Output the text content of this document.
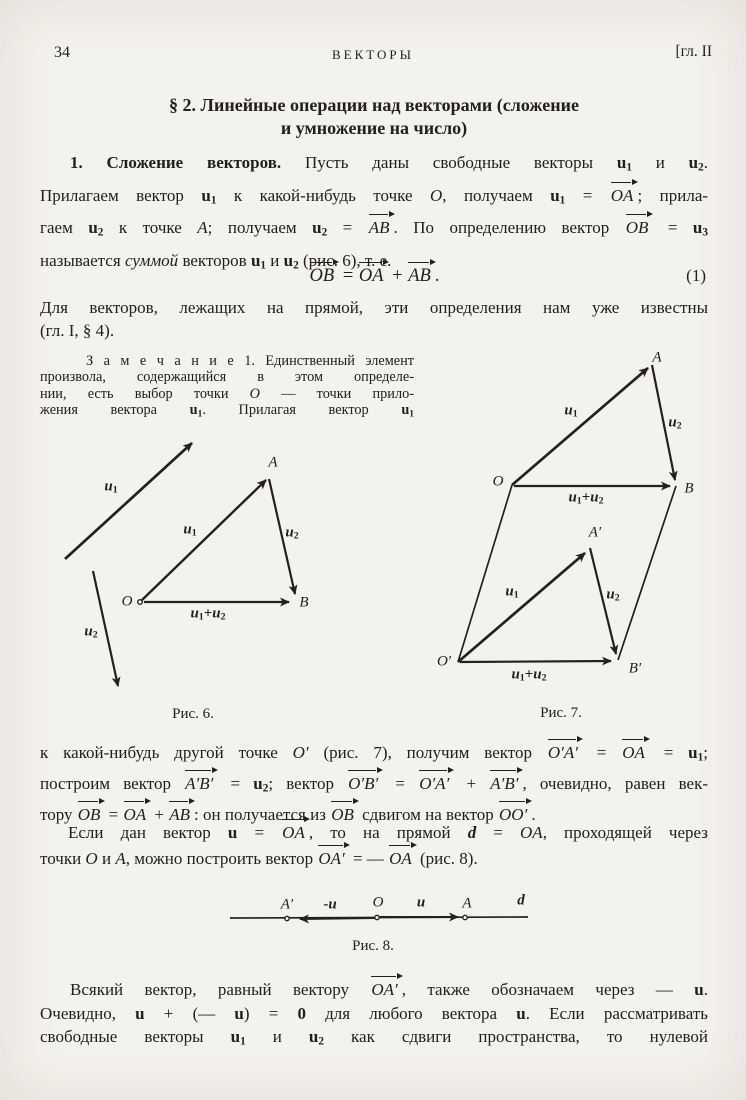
34	ВЕКТОРЫ	[гл. II
§ 2. Линейные операции над векторами (сложение
и умножение на число)
1. Сложение векторов. Пусть даны свободные векторы u1 и u2.
Прилагаем вектор u1 к какой-нибудь точке O, получаем u1 = OA ; прила-
гаем u2 к точке A; получаем u2 = AB . По определению вектор OB = u3
называется суммой векторов u1 и u2 (рис. 6), т. е.
OB = OA + AB .	(1)
Для векторов, лежащих на прямой, эти определения нам уже известны
(гл. I, § 4).
З а м е ч а н и е 1. Единственный элемент
произвола, содержащийся в этом определе-
нии, есть выбор точки O — точки прило-
жения вектора u1. Прилагая вектор u1
u1
u2
u1	u2
u1+u2
O
A
B
Рис. 6.
A
O	B
u1
u2
u1+u2
A′
u1	u2
u1+u2
O′	B′
Рис. 7.
к какой-нибудь другой точке O′ (рис. 7), получим вектор O′A′ = OA = u1;
построим вектор A′B′ = u2; вектор O′B′ = O′A′ + A′B′ , очевидно, равен век-
тору OB = OA + AB : он получается из OB сдвигом на вектор OO′ .
Если дан вектор u = OA , то на прямой d = OA, проходящей через
точки O и A, можно построить вектор OA′ = — OA (рис. 8).
A′ -u O u A	d
Рис. 8.
Всякий вектор, равный вектору OA′ , также обозначаем через — u.
Очевидно, u + (— u) = 0 для любого вектора u. Если рассматривать
свободные векторы u1 и u2 как сдвиги пространства, то нулевой
